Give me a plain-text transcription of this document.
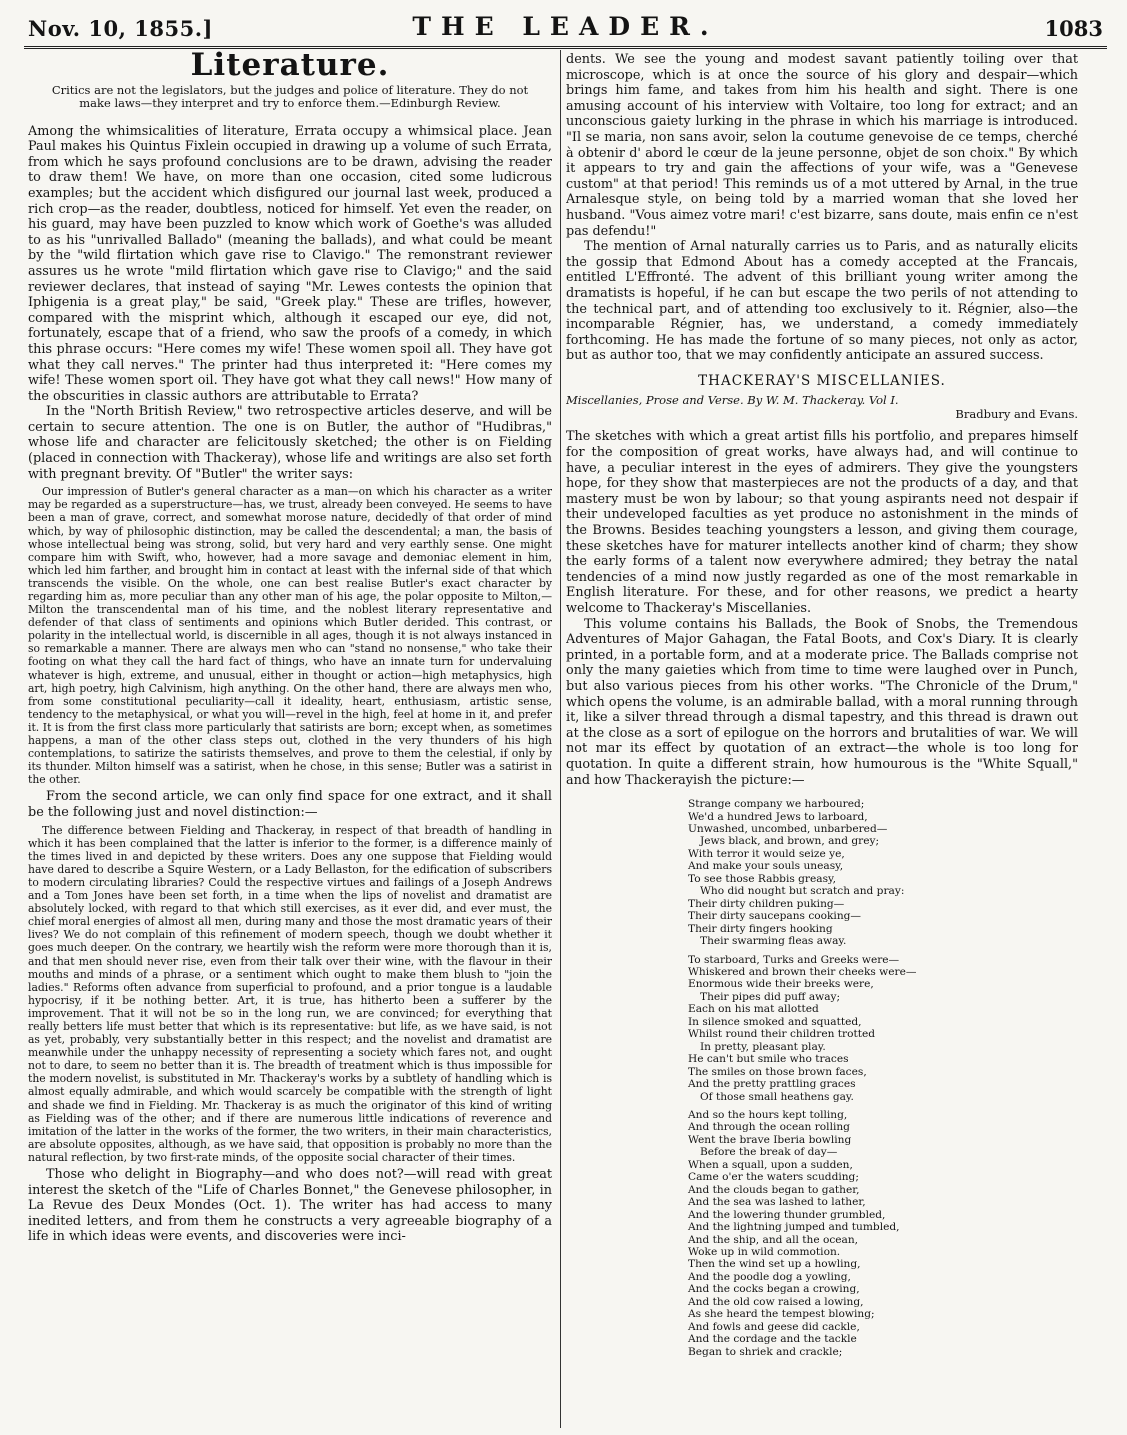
Nov. 10, 1855.]	THE LEADER.	1083
Literature.
Critics are not the legislators, but the judges and police of literature. They do not make laws—they interpret and try to enforce them.—Edinburgh Review.

Among the whimsicalities of literature, Errata occupy a whimsical place. Jean Paul makes his Quintus Fixlein occupied in drawing up a volume of such Errata, from which he says profound conclusions are to be drawn, advising the reader to draw them! We have, on more than one occasion, cited some ludicrous examples; but the accident which disfigured our journal last week, produced a rich crop—as the reader, doubtless, noticed for himself. Yet even the reader, on his guard, may have been puzzled to know which work of Goethe's was alluded to as his "unrivalled Ballado" (meaning the ballads), and what could be meant by the "wild flirtation which gave rise to Clavigo." The remonstrant reviewer assures us he wrote "mild flirtation which gave rise to Clavigo;" and the said reviewer declares, that instead of saying "Mr. Lewes contests the opinion that Iphigenia is a great play," be said, "Greek play." These are trifles, however, compared with the misprint which, although it escaped our eye, did not, fortunately, escape that of a friend, who saw the proofs of a comedy, in which this phrase occurs: "Here comes my wife! These women spoil all. They have got what they call nerves." The printer had thus interpreted it: "Here comes my wife! These women sport oil. They have got what they call news!" How many of the obscurities in classic authors are attributable to Errata?

In the "North British Review," two retrospective articles deserve, and will be certain to secure attention. The one is on Butler, the author of "Hudibras," whose life and character are felicitously sketched; the other is on Fielding (placed in connection with Thackeray), whose life and writings are also set forth with pregnant brevity. Of "Butler" the writer says:

Our impression of Butler's general character as a man—on which his character as a writer may be regarded as a superstructure—has, we trust, already been conveyed. He seems to have been a man of grave, correct, and somewhat morose nature, decidedly of that order of mind which, by way of philosophic distinction, may be called the descendental; a man, the basis of whose intellectual being was strong, solid, but very hard and very earthly sense. One might compare him with Swift, who, however, had a more savage and demoniac element in him, which led him farther, and brought him in contact at least with the infernal side of that which transcends the visible. On the whole, one can best realise Butler's exact character by regarding him as, more peculiar than any other man of his age, the polar opposite to Milton,—Milton the transcendental man of his time, and the noblest literary representative and defender of that class of sentiments and opinions which Butler derided. This contrast, or polarity in the intellectual world, is discernible in all ages, though it is not always instanced in so remarkable a manner. There are always men who can "stand no nonsense," who take their footing on what they call the hard fact of things, who have an innate turn for undervaluing whatever is high, extreme, and unusual, either in thought or action—high metaphysics, high art, high poetry, high Calvinism, high anything. On the other hand, there are always men who, from some constitutional peculiarity—call it ideality, heart, enthusiasm, artistic sense, tendency to the metaphysical, or what you will—revel in the high, feel at home in it, and prefer it. It is from the first class more particularly that satirists are born; except when, as sometimes happens, a man of the other class steps out, clothed in the very thunders of his high contemplations, to satirize the satirists themselves, and prove to them the celestial, if only by its thunder. Milton himself was a satirist, when he chose, in this sense; Butler was a satirist in the other.

From the second article, we can only find space for one extract, and it shall be the following just and novel distinction:—

The difference between Fielding and Thackeray, in respect of that breadth of handling in which it has been complained that the latter is inferior to the former, is a difference mainly of the times lived in and depicted by these writers. Does any one suppose that Fielding would have dared to describe a Squire Western, or a Lady Bellaston, for the edification of subscribers to modern circulating libraries? Could the respective virtues and failings of a Joseph Andrews and a Tom Jones have been set forth, in a time when the lips of novelist and dramatist are absolutely locked, with regard to that which still exercises, as it ever did, and ever must, the chief moral energies of almost all men, during many and those the most dramatic years of their lives? We do not complain of this refinement of modern speech, though we doubt whether it goes much deeper. On the contrary, we heartily wish the reform were more thorough than it is, and that men should never rise, even from their talk over their wine, with the flavour in their mouths and minds of a phrase, or a sentiment which ought to make them blush to "join the ladies." Reforms often advance from superficial to profound, and a prior tongue is a laudable hypocrisy, if it be nothing better. Art, it is true, has hitherto been a sufferer by the improvement. That it will not be so in the long run, we are convinced; for everything that really betters life must better that which is its representative: but life, as we have said, is not as yet, probably, very substantially better in this respect; and the novelist and dramatist are meanwhile under the unhappy necessity of representing a society which fares not, and ought not to dare, to seem no better than it is. The breadth of treatment which is thus impossible for the modern novelist, is substituted in Mr. Thackeray's works by a subtlety of handling which is almost equally admirable, and which would scarcely be compatible with the strength of light and shade we find in Fielding. Mr. Thackeray is as much the originator of this kind of writing as Fielding was of the other; and if there are numerous little indications of reverence and imitation of the latter in the works of the former, the two writers, in their main characteristics, are absolute opposites, although, as we have said, that opposition is probably no more than the natural reflection, by two first-rate minds, of the opposite social character of their times.

Those who delight in Biography—and who does not?—will read with great interest the sketch of the "Life of Charles Bonnet," the Genevese philosopher, in La Revue des Deux Mondes (Oct. 1). The writer has had access to many inedited letters, and from them he constructs a very agreeable biography of a life in which ideas were events, and discoveries were inci-

dents. We see the young and modest savant patiently toiling over that microscope, which is at once the source of his glory and despair—which brings him fame, and takes from him his health and sight. There is one amusing account of his interview with Voltaire, too long for extract; and an unconscious gaiety lurking in the phrase in which his marriage is introduced. "Il se maria, non sans avoir, selon la coutume genevoise de ce temps, cherché à obtenir d' abord le cœur de la jeune personne, objet de son choix." By which it appears to try and gain the affections of your wife, was a "Genevese custom" at that period! This reminds us of a mot uttered by Arnal, in the true Arnalesque style, on being told by a married woman that she loved her husband. "Vous aimez votre mari! c'est bizarre, sans doute, mais enfin ce n'est pas defendu!"

The mention of Arnal naturally carries us to Paris, and as naturally elicits the gossip that Edmond About has a comedy accepted at the Francais, entitled L'Effronté. The advent of this brilliant young writer among the dramatists is hopeful, if he can but escape the two perils of not attending to the technical part, and of attending too exclusively to it. Régnier, also—the incomparable Régnier, has, we understand, a comedy immediately forthcoming. He has made the fortune of so many pieces, not only as actor, but as author too, that we may confidently anticipate an assured success.

THACKERAY'S MISCELLANIES.
Miscellanies, Prose and Verse. By W. M. Thackeray. Vol I.
Bradbury and Evans.

The sketches with which a great artist fills his portfolio, and prepares himself for the composition of great works, have always had, and will continue to have, a peculiar interest in the eyes of admirers. They give the youngsters hope, for they show that masterpieces are not the products of a day, and that mastery must be won by labour; so that young aspirants need not despair if their undeveloped faculties as yet produce no astonishment in the minds of the Browns. Besides teaching youngsters a lesson, and giving them courage, these sketches have for maturer intellects another kind of charm; they show the early forms of a talent now everywhere admired; they betray the natal tendencies of a mind now justly regarded as one of the most remarkable in English literature. For these, and for other reasons, we predict a hearty welcome to Thackeray's Miscellanies.

This volume contains his Ballads, the Book of Snobs, the Tremendous Adventures of Major Gahagan, the Fatal Boots, and Cox's Diary. It is clearly printed, in a portable form, and at a moderate price. The Ballads comprise not only the many gaieties which from time to time were laughed over in Punch, but also various pieces from his other works. "The Chronicle of the Drum," which opens the volume, is an admirable ballad, with a moral running through it, like a silver thread through a dismal tapestry, and this thread is drawn out at the close as a sort of epilogue on the horrors and brutalities of war. We will not mar its effect by quotation of an extract—the whole is too long for quotation. In quite a different strain, how humourous is the "White Squall," and how Thackerayish the picture:—

Strange company we harboured;
We'd a hundred Jews to larboard,
Unwashed, uncombed, unbarbered—
Jews black, and brown, and grey;
With terror it would seize ye,
And make your souls uneasy,
To see those Rabbis greasy,
Who did nought but scratch and pray:
Their dirty children puking—
Their dirty saucepans cooking—
Their dirty fingers hooking
Their swarming fleas away.
To starboard, Turks and Greeks were—
Whiskered and brown their cheeks were—
Enormous wide their breeks were,
Their pipes did puff away;
Each on his mat allotted
In silence smoked and squatted,
Whilst round their children trotted
In pretty, pleasant play.
He can't but smile who traces
The smiles on those brown faces,
And the pretty prattling graces
Of those small heathens gay.
And so the hours kept tolling,
And through the ocean rolling
Went the brave Iberia bowling
Before the break of day—
When a squall, upon a sudden,
Came o'er the waters scudding;
And the clouds began to gather,
And the sea was lashed to lather,
And the lowering thunder grumbled,
And the lightning jumped and tumbled,
And the ship, and all the ocean,
Woke up in wild commotion.
Then the wind set up a howling,
And the poodle dog a yowling,
And the cocks began a crowing,
And the old cow raised a lowing,
As she heard the tempest blowing;
And fowls and geese did cackle,
And the cordage and the tackle
Began to shriek and crackle;
